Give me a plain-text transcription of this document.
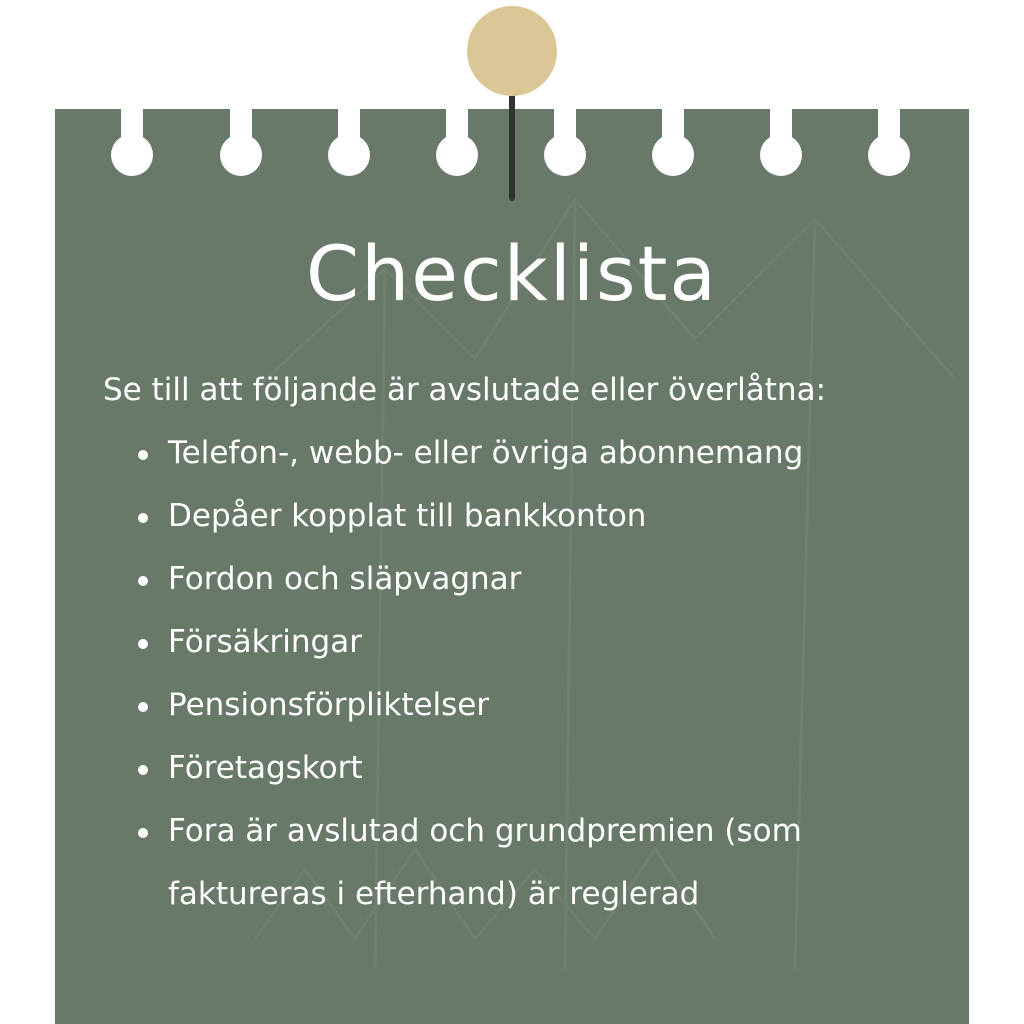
Checklista

Se till att följande är avslutade eller överlåtna:

Telefon-, webb- eller övriga abonnemang
Depåer kopplat till bankkonton
Fordon och släpvagnar
Försäkringar
Pensionsförpliktelser
Företagskort
Fora är avslutad och grundpremien (som faktureras i efterhand) är reglerad
